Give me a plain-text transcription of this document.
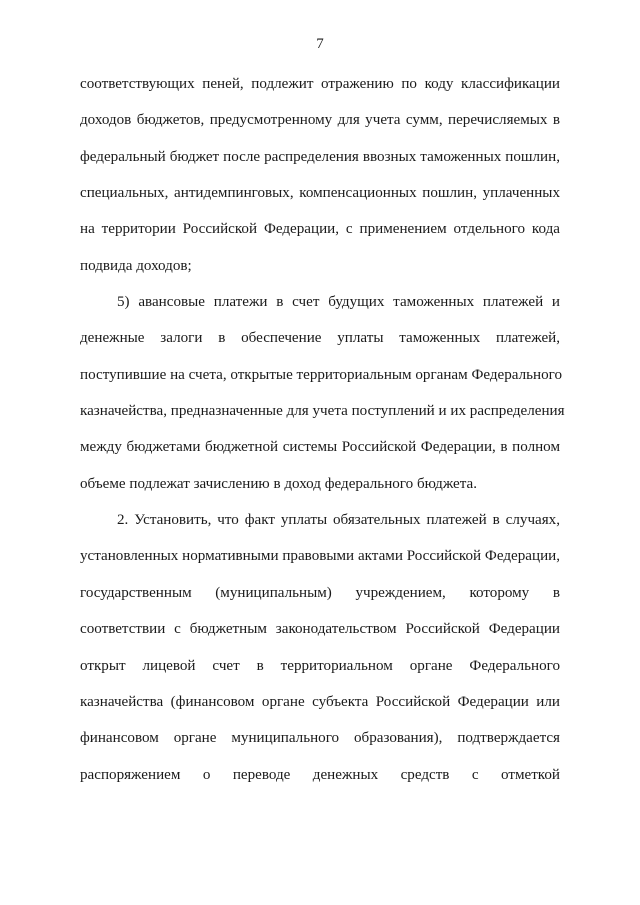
7
соответствующих пеней, подлежит отражению по коду классификации
доходов бюджетов, предусмотренному для учета сумм, перечисляемых в
федеральный бюджет после распределения ввозных таможенных пошлин,
специальных, антидемпинговых, компенсационных пошлин, уплаченных
на территории Российской Федерации, с применением отдельного кода
подвида доходов;
5) авансовые платежи в счет будущих таможенных платежей и
денежные залоги в обеспечение уплаты таможенных платежей,
поступившие на счета, открытые территориальным органам Федерального
казначейства, предназначенные для учета поступлений и их распределения
между бюджетами бюджетной системы Российской Федерации, в полном
объеме подлежат зачислению в доход федерального бюджета.
2. Установить, что факт уплаты обязательных платежей в случаях,
установленных нормативными правовыми актами Российской Федерации,
государственным (муниципальным) учреждением, которому в
соответствии с бюджетным законодательством Российской Федерации
открыт лицевой счет в территориальном органе Федерального
казначейства (финансовом органе субъекта Российской Федерации или
финансовом органе муниципального образования), подтверждается
распоряжением о переводе денежных средств с отметкой
